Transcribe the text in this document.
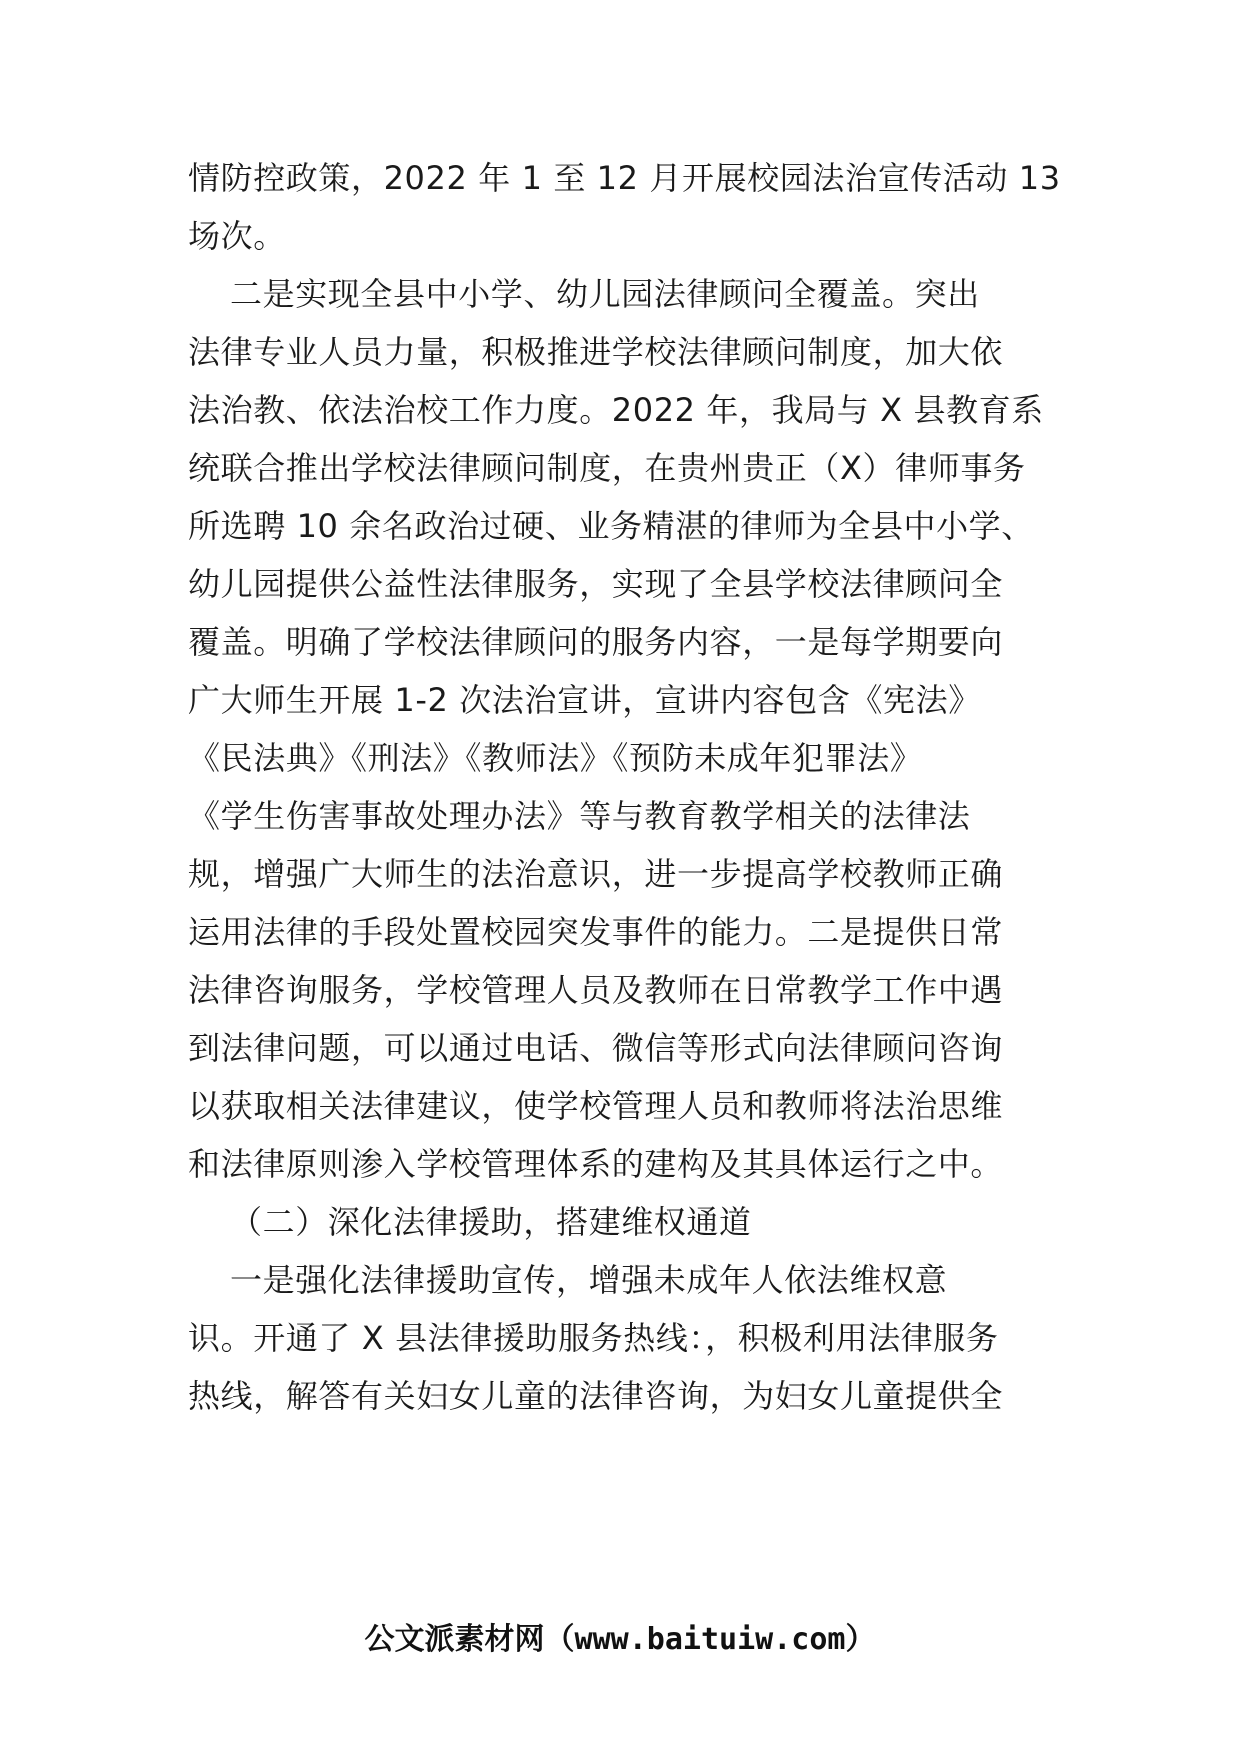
情防控政策，2022 年 1 至 12 月开展校园法治宣传活动 13
场次。
二是实现全县中小学、幼儿园法律顾问全覆盖。突出
法律专业人员力量，积极推进学校法律顾问制度，加大依
法治教、依法治校工作力度。2022 年，我局与 X 县教育系
统联合推出学校法律顾问制度，在贵州贵正（X）律师事务
所选聘 10 余名政治过硬、业务精湛的律师为全县中小学、
幼儿园提供公益性法律服务，实现了全县学校法律顾问全
覆盖。明确了学校法律顾问的服务内容，一是每学期要向
广大师生开展 1-2 次法治宣讲，宣讲内容包含《宪法》
《民法典》《刑法》《教师法》《预防未成年犯罪法》
《学生伤害事故处理办法》等与教育教学相关的法律法
规，增强广大师生的法治意识，进一步提高学校教师正确
运用法律的手段处置校园突发事件的能力。二是提供日常
法律咨询服务，学校管理人员及教师在日常教学工作中遇
到法律问题，可以通过电话、微信等形式向法律顾问咨询
以获取相关法律建议，使学校管理人员和教师将法治思维
和法律原则渗入学校管理体系的建构及其具体运行之中。
（二）深化法律援助，搭建维权通道
一是强化法律援助宣传，增强未成年人依法维权意
识。开通了 X 县法律援助服务热线：，积极利用法律服务
热线，解答有关妇女儿童的法律咨询，为妇女儿童提供全
公文派素材网（www.baituiw.com）
